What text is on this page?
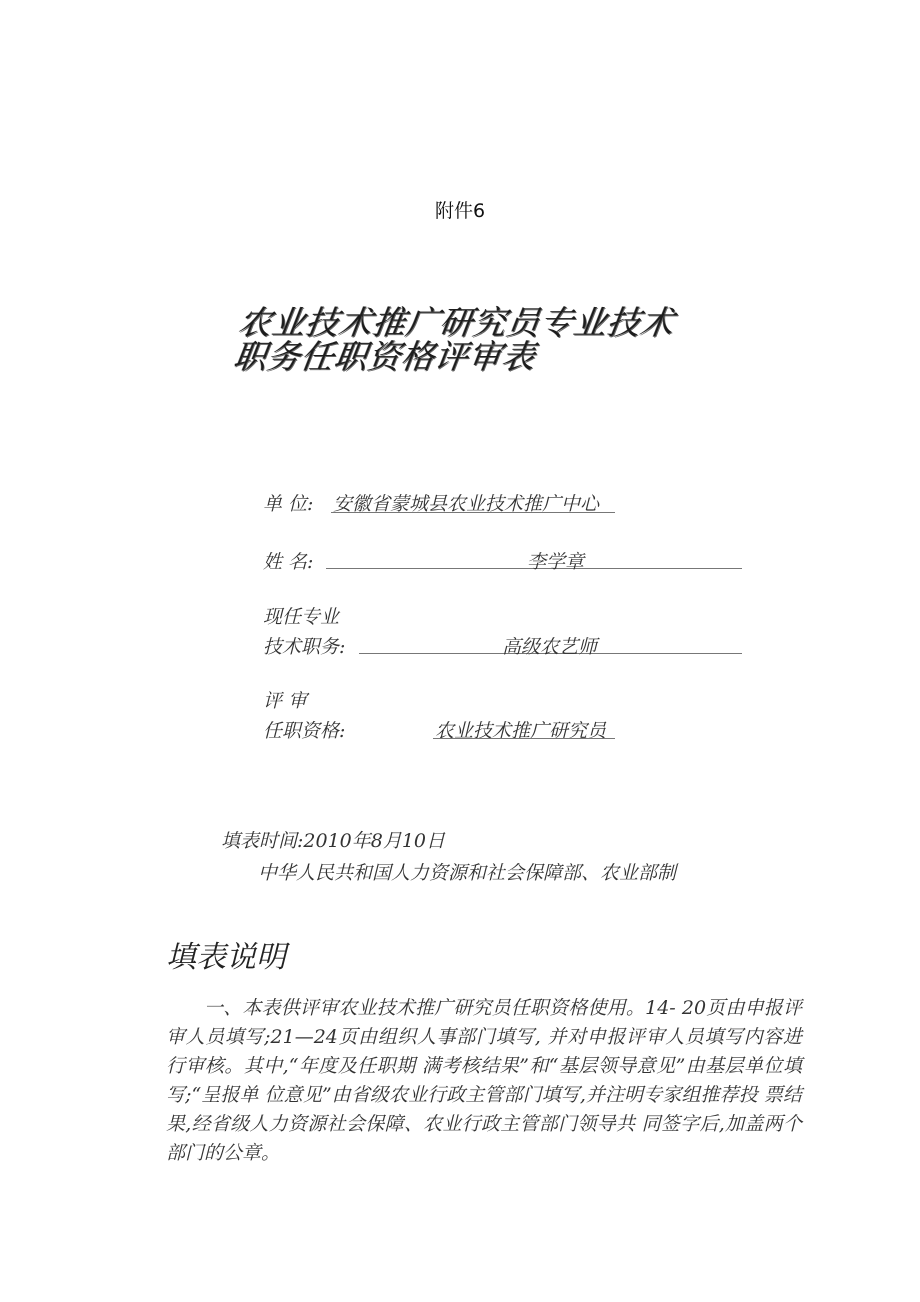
附件6
农业技术推广研究员专业技术
职务任职资格评审表
单 位: 安徽省蒙城县农业技术推广中心
姓 名:	李学章
现任专业
技术职务:	高级农艺师
评 审
任职资格:	农业技术推广研究员
填表时间:2010年8月10日
中华人民共和国人力资源和社会保障部、农业部制
填表说明
一、本表供评审农业技术推广研究员任职资格使用。14- 20页由申报评审人员填写;21—24页由组织人事部门填写, 并对申报评审人员填写内容进行审核。其中,“年度及任职期 满考核结果”和“基层领导意见”由基层单位填写;“呈报单 位意见”由省级农业行政主管部门填写,并注明专家组推荐投 票结果,经省级人力资源社会保障、农业行政主管部门领导共 同签字后,加盖两个部门的公章。
